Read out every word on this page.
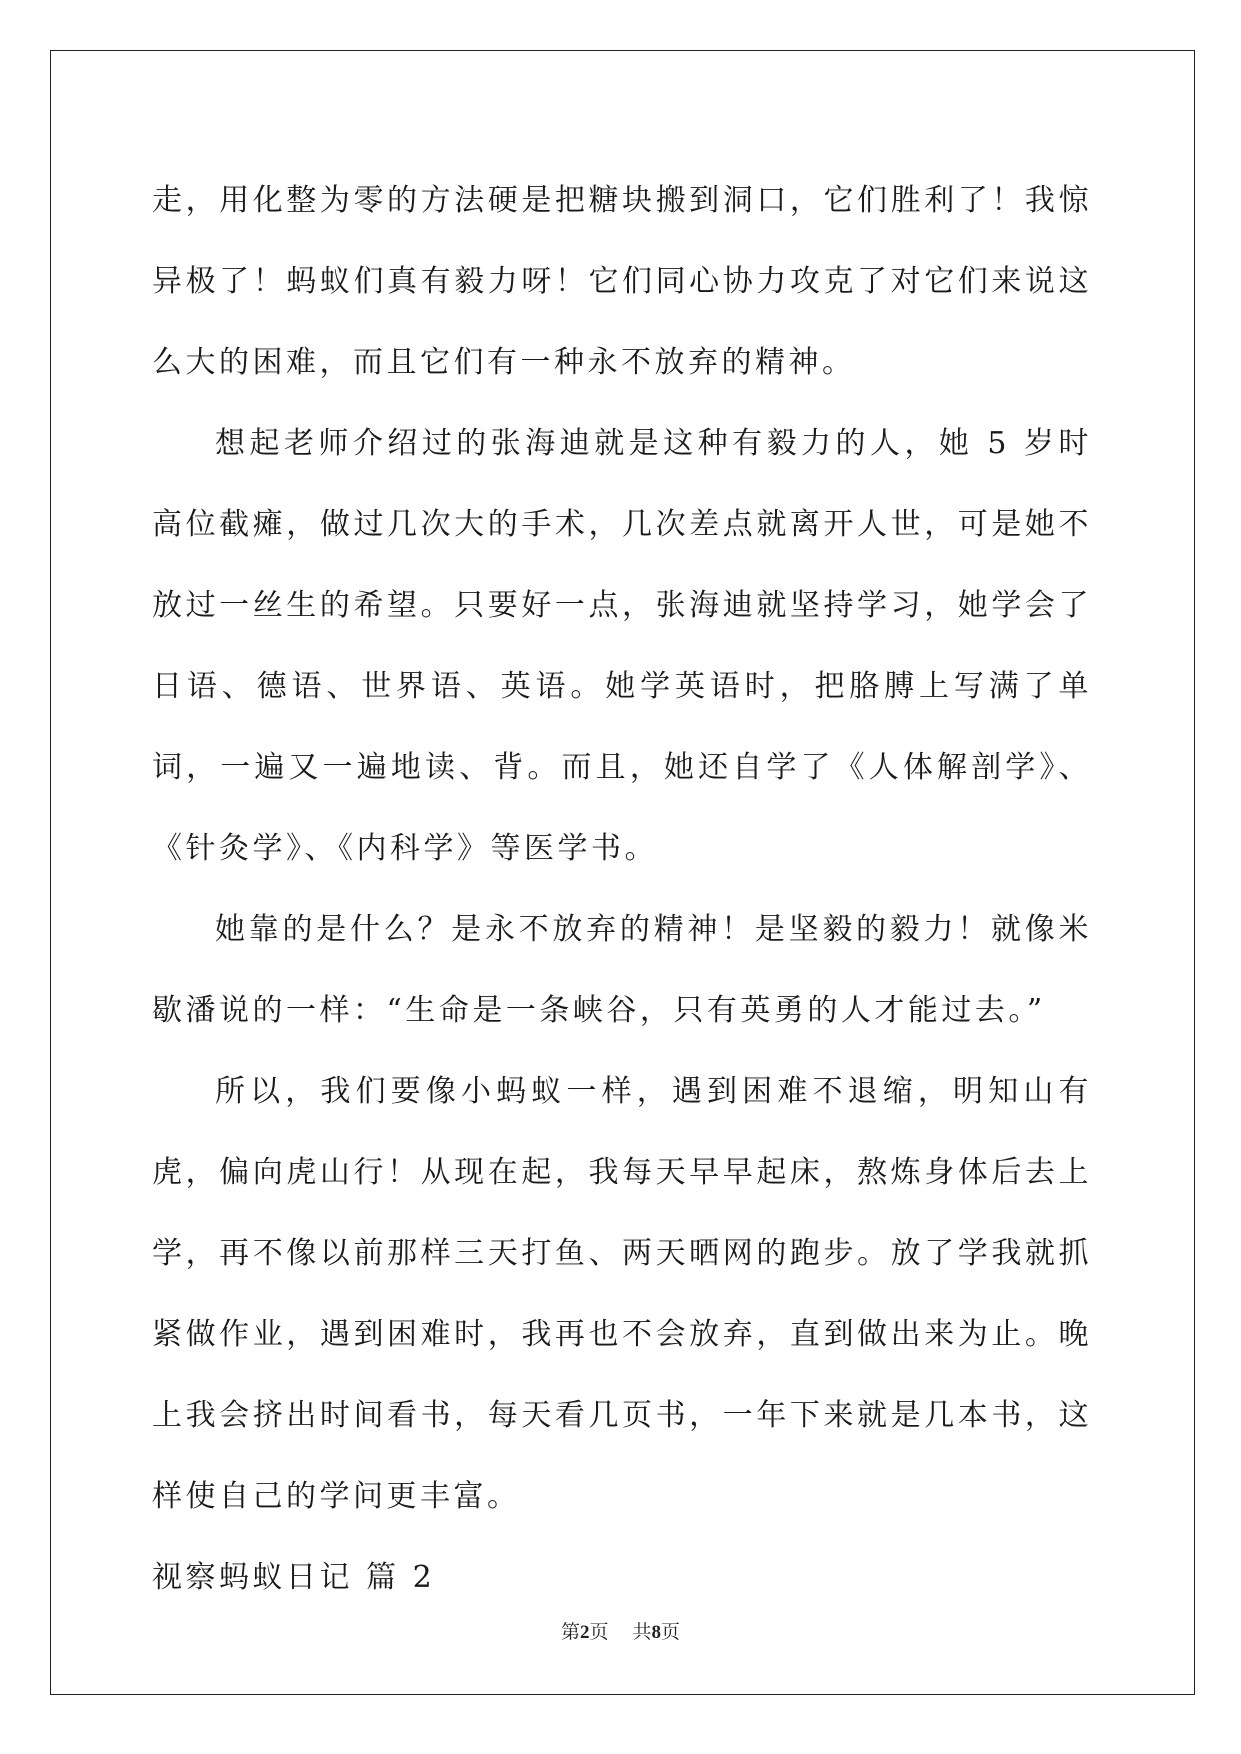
走，用化整为零的方法硬是把糖块搬到洞口，它们胜利了！我惊异极了！蚂蚁们真有毅力呀！它们同心协力攻克了对它们来说这么大的困难，而且它们有一种永不放弃的精神。

想起老师介绍过的张海迪就是这种有毅力的人，她 5 岁时高位截瘫，做过几次大的手术，几次差点就离开人世，可是她不放过一丝生的希望。只要好一点，张海迪就坚持学习，她学会了日语、德语、世界语、英语。她学英语时，把胳膊上写满了单词，一遍又一遍地读、背。而且，她还自学了《人体解剖学》、《针灸学》、《内科学》等医学书。

她靠的是什么？是永不放弃的精神！是坚毅的毅力！就像米歇潘说的一样：“生命是一条峡谷，只有英勇的人才能过去。”

所以，我们要像小蚂蚁一样，遇到困难不退缩，明知山有虎，偏向虎山行！从现在起，我每天早早起床，熬炼身体后去上学，再不像以前那样三天打鱼、两天晒网的跑步。放了学我就抓紧做作业，遇到困难时，我再也不会放弃，直到做出来为止。晚上我会挤出时间看书，每天看几页书，一年下来就是几本书，这样使自己的学问更丰富。

视察蚂蚁日记 篇 2

第2页 共8页
